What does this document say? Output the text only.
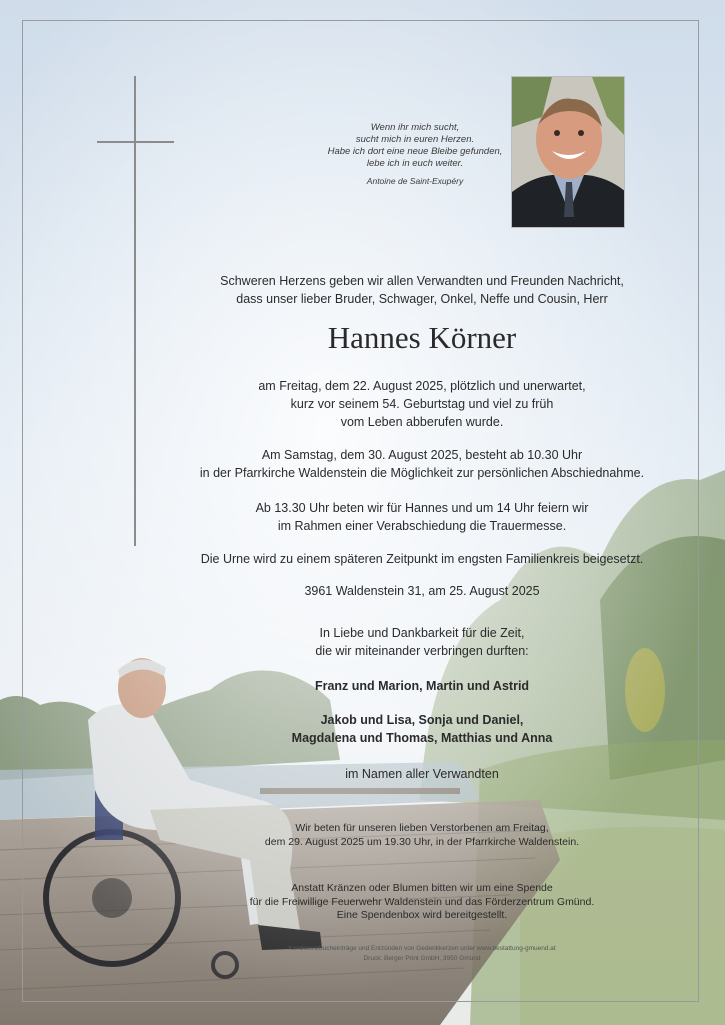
Wenn ihr mich sucht,
sucht mich in euren Herzen.
Habe ich dort eine neue Bleibe gefunden,
lebe ich in euch weiter.
Antoine de Saint-Exupéry
Schweren Herzens geben wir allen Verwandten und Freunden Nachricht,
dass unser lieber Bruder, Schwager, Onkel, Neffe und Cousin, Herr
Hannes Körner
am Freitag, dem 22. August 2025, plötzlich und unerwartet,
kurz vor seinem 54. Geburtstag und viel zu früh
vom Leben abberufen wurde.
Am Samstag, dem 30. August 2025, besteht ab 10.30 Uhr
in der Pfarrkirche Waldenstein die Möglichkeit zur persönlichen Abschiednahme.
Ab 13.30 Uhr beten wir für Hannes und um 14 Uhr feiern wir
im Rahmen einer Verabschiedung die Trauermesse.
Die Urne wird zu einem späteren Zeitpunkt im engsten Familienkreis beigesetzt.
3961 Waldenstein 31, am 25. August 2025
In Liebe und Dankbarkeit für die Zeit,
die wir miteinander verbringen durften:
Franz und Marion, Martin und Astrid
Jakob und Lisa, Sonja und Daniel,
Magdalena und Thomas, Matthias und Anna
im Namen aller Verwandten
Wir beten für unseren lieben Verstorbenen am Freitag,
dem 29. August 2025 um 19.30 Uhr, in der Pfarrkirche Waldenstein.
Anstatt Kränzen oder Blumen bitten wir um eine Spende
für die Freiwillige Feuerwehr Waldenstein und das Förderzentrum Gmünd.
Eine Spendenbox wird bereitgestellt.
Kondolenzbucheinträge und Entzünden von Gedenkkerzen unter www.bestattung-gmuend.at
Druck: Berger Print GmbH, 3950 Gmünd
